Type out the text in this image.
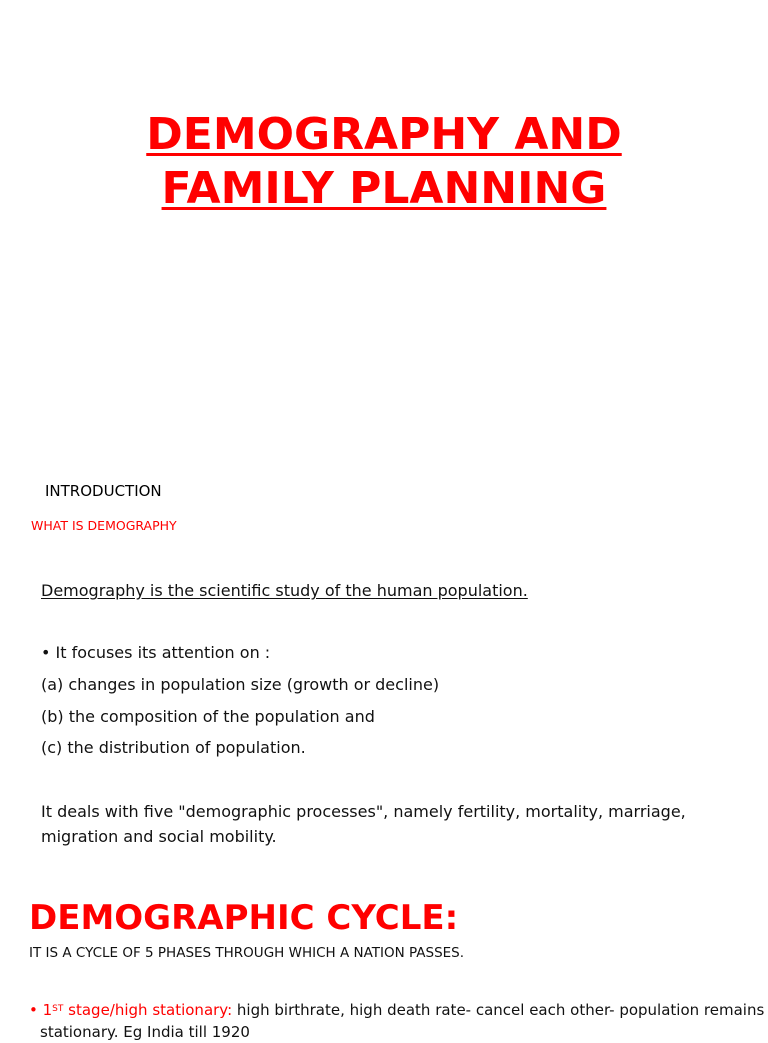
DEMOGRAPHY AND
FAMILY PLANNING
INTRODUCTION
WHAT IS DEMOGRAPHY
Demography is the scientific study of the human population.
• It focuses its attention on :
(a) changes in population size (growth or decline)
(b) the composition of the population and
(c) the distribution of population.
It deals with five "demographic processes", namely fertility, mortality, marriage, migration and social mobility.
DEMOGRAPHIC CYCLE:
IT IS A CYCLE OF 5 PHASES THROUGH WHICH A NATION PASSES.
• 1ST stage/high stationary: high birthrate, high death rate- cancel each other- population remains
stationary. Eg India till 1920
